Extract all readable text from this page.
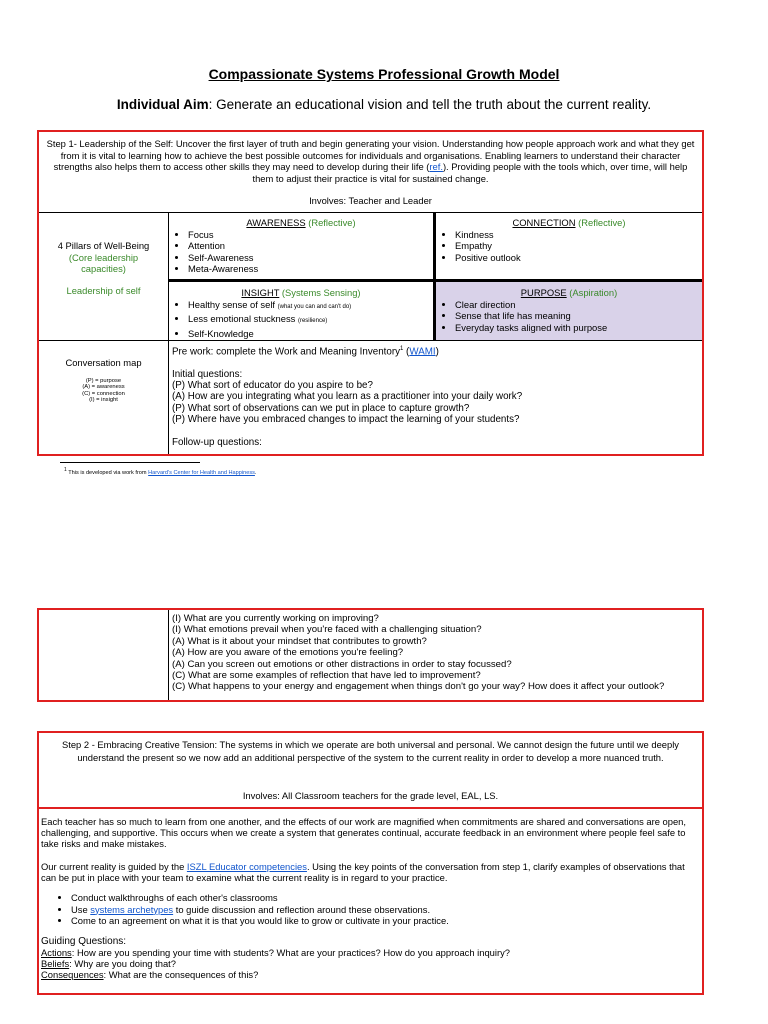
Compassionate Systems Professional Growth Model
Individual Aim: Generate an educational vision and tell the truth about the current reality.
Step 1- Leadership of the Self: Uncover the first layer of truth and begin generating your vision. Understanding how people approach work and what they get from it is vital to learning how to achieve the best possible outcomes for individuals and organisations. Enabling learners to understand their character strengths also helps them to access other skills they may need to develop during their life (ref.). Providing people with the tools which, over time, will help them to adjust their practice is vital for sustained change.
Involves: Teacher and Leader
4 Pillars of Well-Being
(Core leadership capacities)
Leadership of self
AWARENESS (Reflective)
• Focus
• Attention
• Self-Awareness
• Meta-Awareness
CONNECTION (Reflective)
• Kindness
• Empathy
• Positive outlook
INSIGHT (Systems Sensing)
• Healthy sense of self (what you can and can't do)
• Less emotional stuckness (resilience)
• Self-Knowledge
PURPOSE (Aspiration)
• Clear direction
• Sense that life has meaning
• Everyday tasks aligned with purpose
Conversation map
(P) = purpose
(A) = awareness
(C) = connection
(I) = insight
Pre work: complete the Work and Meaning Inventory$^1$ (WAMI)
Initial questions:
(P) What sort of educator do you aspire to be?
(A) How are you integrating what you learn as a practitioner into your daily work?
(P) What sort of observations can we put in place to capture growth?
(P) Where have you embraced changes to impact the learning of your students?
Follow-up questions:
$^1$ This is developed via work from Harvard's Center for Health and Happiness.
(I) What are you currently working on improving?
(I) What emotions prevail when you're faced with a challenging situation?
(A) What is it about your mindset that contributes to growth?
(A) How are you aware of the emotions you're feeling?
(A) Can you screen out emotions or other distractions in order to stay focussed?
(C) What are some examples of reflection that have led to improvement?
(C) What happens to your energy and engagement when things don't go your way? How does it affect your outlook?
Step 2 - Embracing Creative Tension: The systems in which we operate are both universal and personal. We cannot design the future until we deeply understand the present so we now add an additional perspective of the system to the current reality in order to develop a more nuanced truth.
Involves: All Classroom teachers for the grade level, EAL, LS.
Each teacher has so much to learn from one another, and the effects of our work are magnified when commitments are shared and conversations are open, challenging, and supportive. This occurs when we create a system that generates continual, accurate feedback in an environment where people feel safe to take risks and make mistakes.
Our current reality is guided by the ISZL Educator competencies. Using the key points of the conversation from step 1, clarify examples of observations that can be put in place with your team to examine what the current reality is in regard to your practice.
• Conduct walkthroughs of each other's classrooms
• Use systems archetypes to guide discussion and reflection around these observations.
• Come to an agreement on what it is that you would like to grow or cultivate in your practice.
Guiding Questions:
Actions: How are you spending your time with students? What are your practices? How do you approach inquiry?
Beliefs: Why are you doing that?
Consequences: What are the consequences of this?
